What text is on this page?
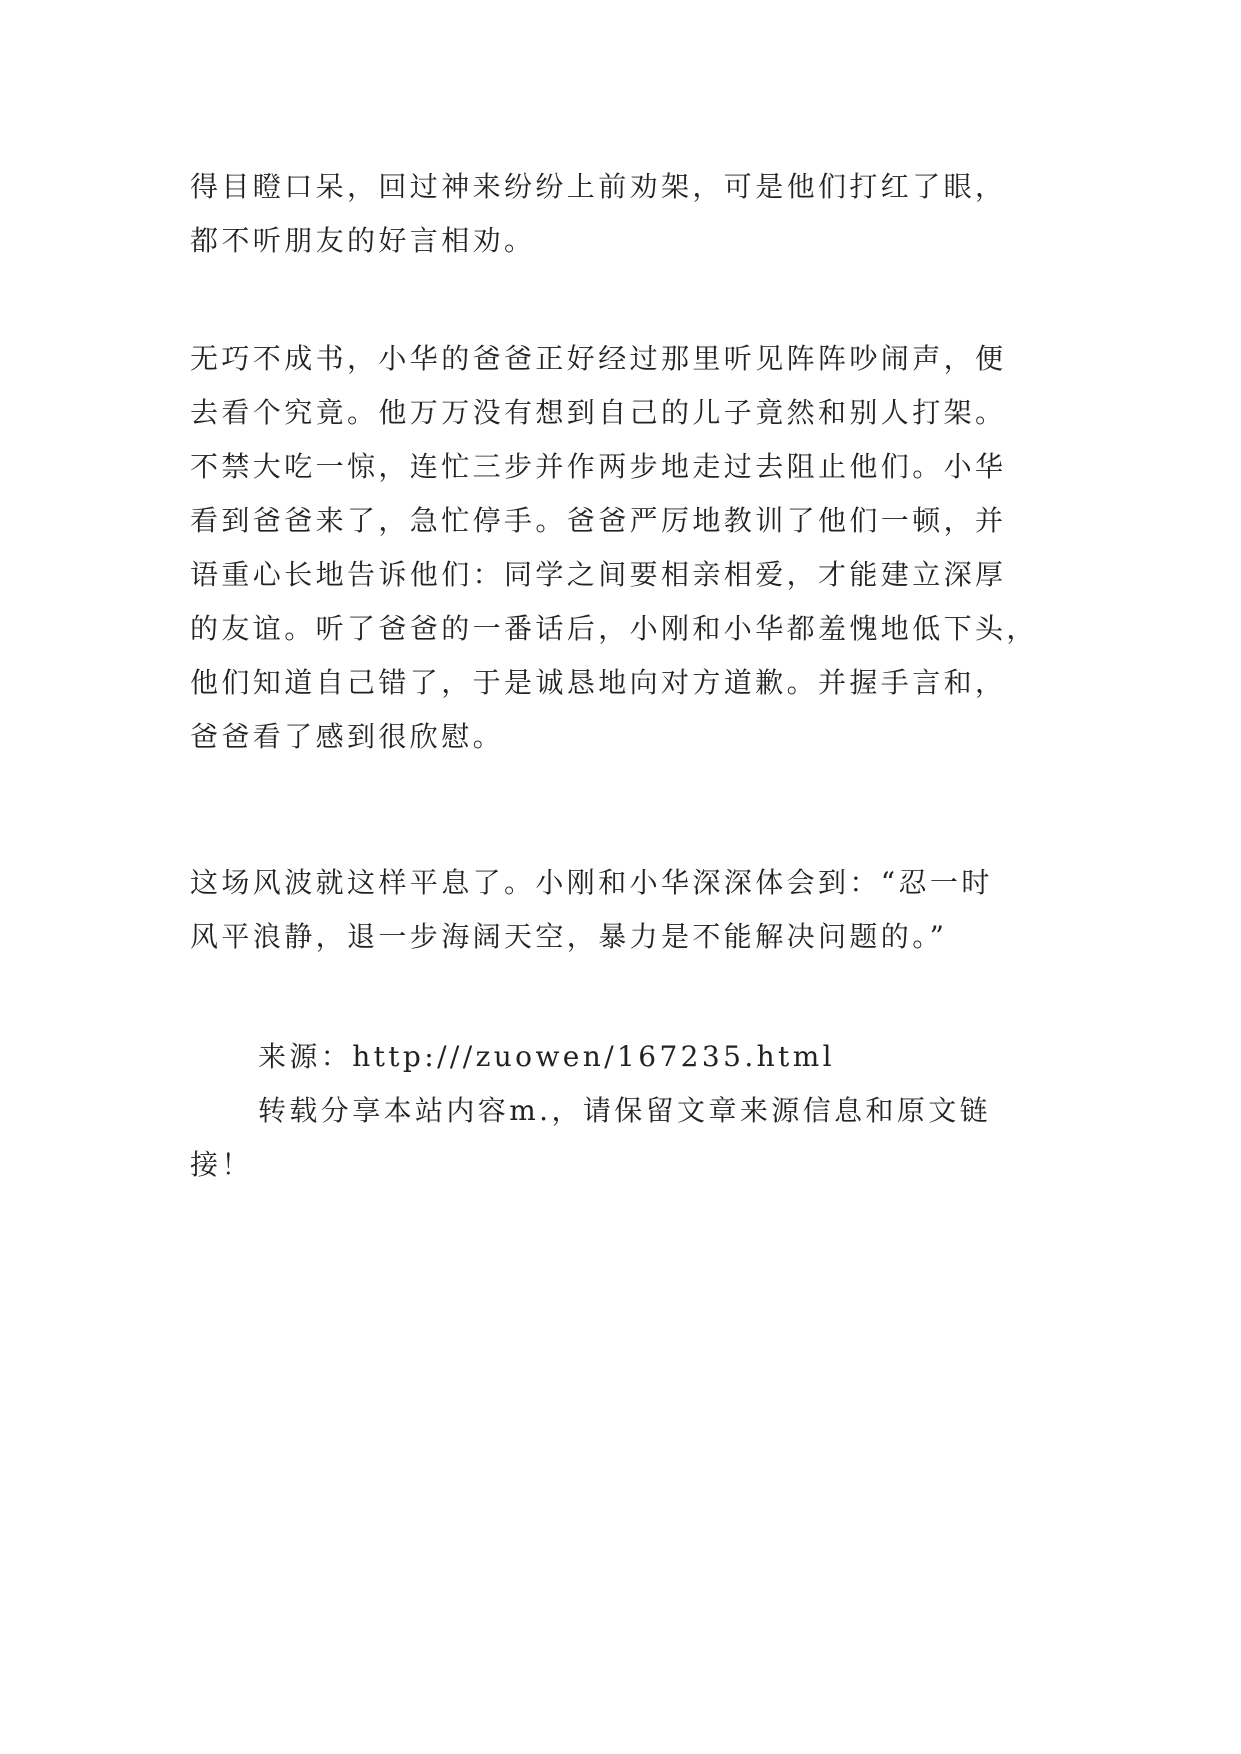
得目瞪口呆，回过神来纷纷上前劝架，可是他们打红了眼，
都不听朋友的好言相劝。

无巧不成书，小华的爸爸正好经过那里听见阵阵吵闹声，便
去看个究竟。他万万没有想到自己的儿子竟然和别人打架。
不禁大吃一惊，连忙三步并作两步地走过去阻止他们。小华
看到爸爸来了，急忙停手。爸爸严厉地教训了他们一顿，并
语重心长地告诉他们：同学之间要相亲相爱，才能建立深厚
的友谊。听了爸爸的一番话后，小刚和小华都羞愧地低下头，
他们知道自己错了，于是诚恳地向对方道歉。并握手言和，
爸爸看了感到很欣慰。

这场风波就这样平息了。小刚和小华深深体会到：“忍一时
风平浪静，退一步海阔天空，暴力是不能解决问题的。”

来源：http:///zuowen/167235.html
转载分享本站内容m.，请保留文章来源信息和原文链
接！
